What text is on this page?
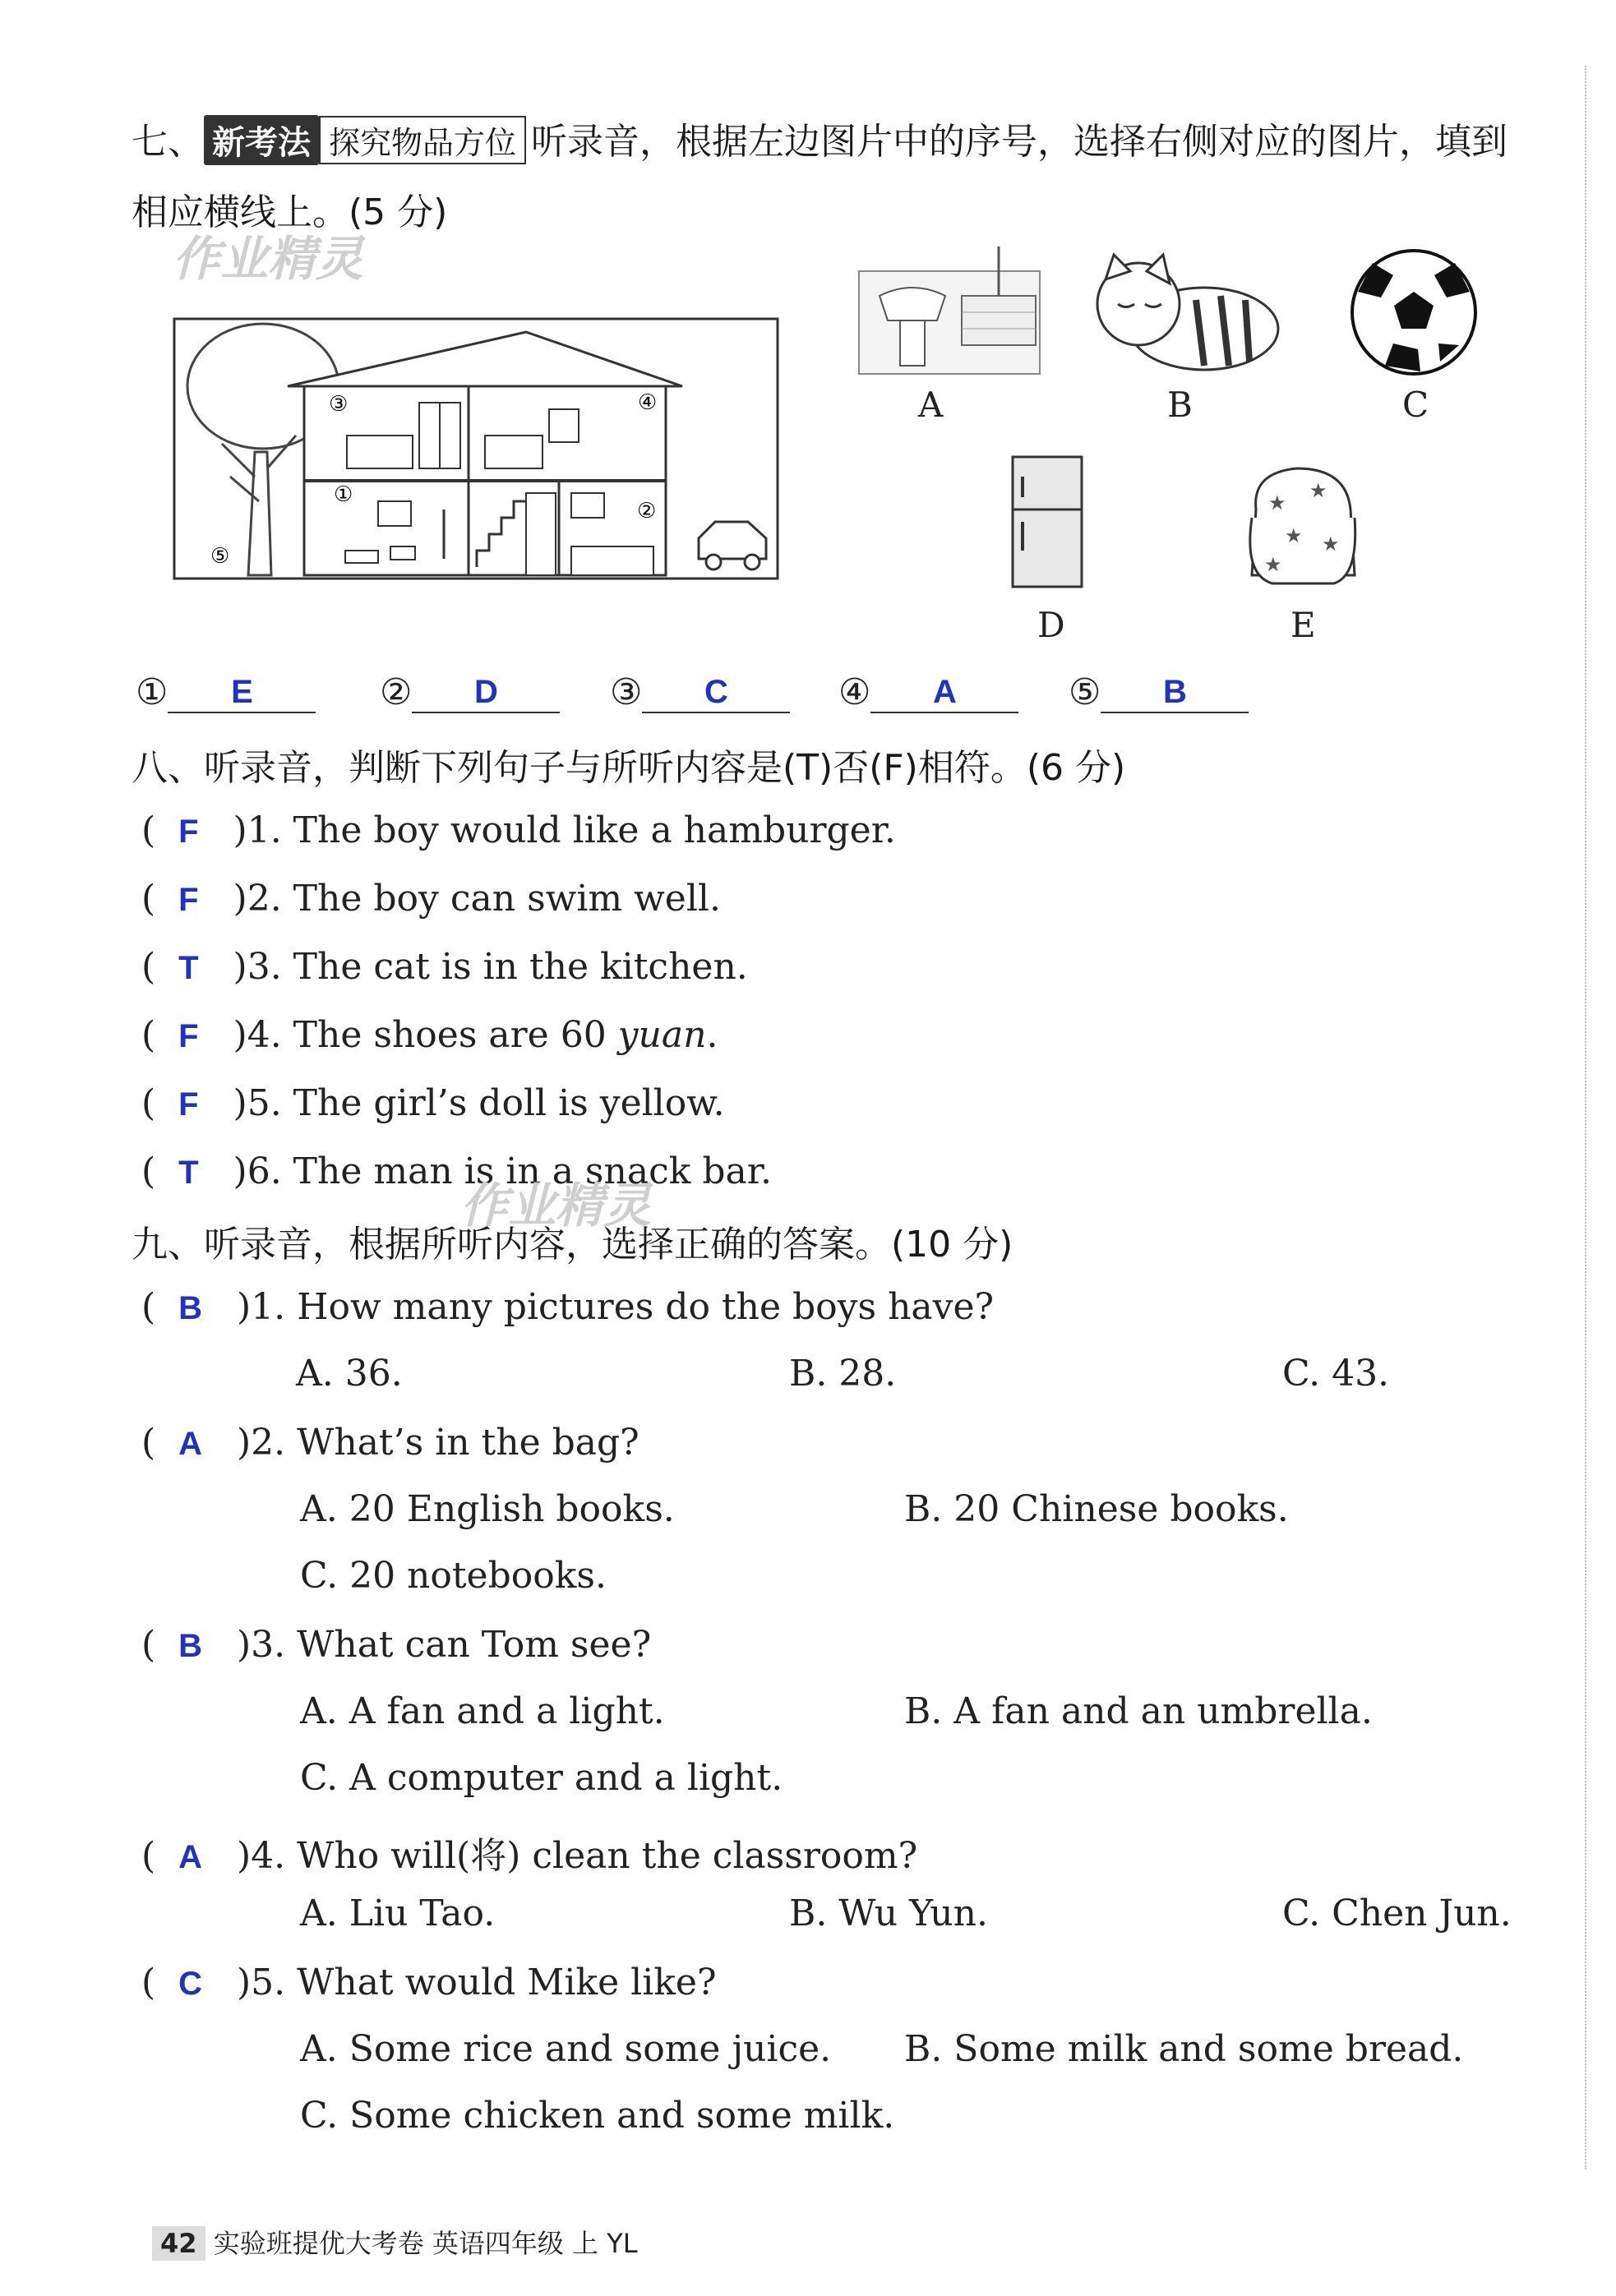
七、 新考法 探究物品方位 听录音，根据左边图片中的序号，选择右侧对应的图片，填到
相应横线上。(5 分)
作业精灵
①
②
③	④
⑤
A	B	C
D
★
★
★ ★
★
E
① E	② D	③ C	④ A	⑤ B
八、听录音，判断下列句子与所听内容是(T)否(F)相符。(6 分)
(  F )1. The boy would like a hamburger.
(  F )2. The boy can swim well.
(  T )3. The cat is in the kitchen.
(  F )4. The shoes are 60 yuan.
(  F )5. The girl’s doll is yellow.
(  T )6. The man is in a snack bar.
作业精灵
九、听录音，根据所听内容，选择正确的答案。(10 分)
(  B )1. How many pictures do the boys have?
A. 36.	B. 28.	C. 43.
(  A )2. What’s in the bag?
A. 20 English books.	B. 20 Chinese books.
C. 20 notebooks.
(  B )3. What can Tom see?
A. A fan and a light.	B. A fan and an umbrella.
C. A computer and a light.
(  A )4. Who will(将) clean the classroom?
A. Liu Tao.	B. Wu Yun.	C. Chen Jun.
(  C )5. What would Mike like?
A. Some rice and some juice. B. Some milk and some bread.
C. Some chicken and some milk.
42 实验班提优大考卷 英语四年级 上 YL
